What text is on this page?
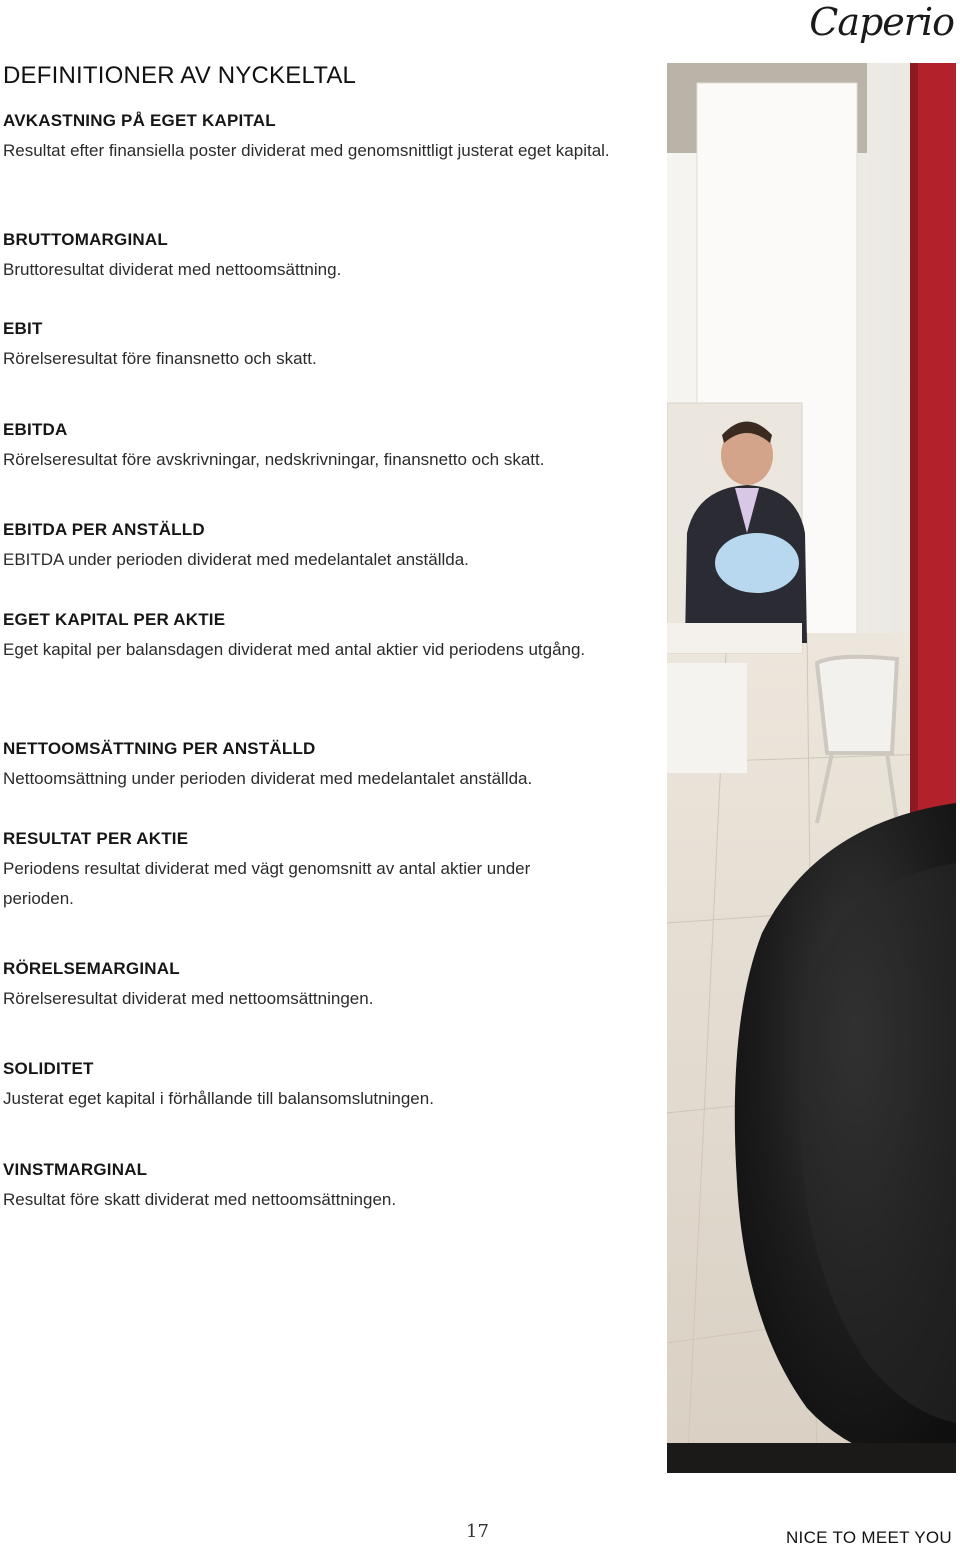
Caperio
DEFINITIONER AV NYCKELTAL

AVKASTNING PÅ EGET KAPITAL

Resultat efter finansiella poster dividerat med genomsnittligt justerat eget kapital.

BRUTTOMARGINAL

Bruttoresultat dividerat med nettoomsättning.

EBIT

Rörelseresultat före finansnetto och skatt.

EBITDA

Rörelseresultat före avskrivningar, nedskrivningar, finansnetto och skatt.

EBITDA PER ANSTÄLLD

EBITDA under perioden dividerat med medelantalet anställda.

EGET KAPITAL PER AKTIE

Eget kapital per balansdagen dividerat med antal aktier vid periodens utgång.

NETTOOMSÄTTNING PER ANSTÄLLD

Nettoomsättning under perioden dividerat med medelantalet anställda.

RESULTAT PER AKTIE

Periodens resultat dividerat med vägt genomsnitt av antal aktier under perioden.

RÖRELSEMARGINAL

Rörelseresultat dividerat med nettoomsättningen.

SOLIDITET

Justerat eget kapital i förhållande till balansomslutningen.

VINSTMARGINAL

Resultat före skatt dividerat med nettoomsättningen.

17	NICE TO MEET YOU
